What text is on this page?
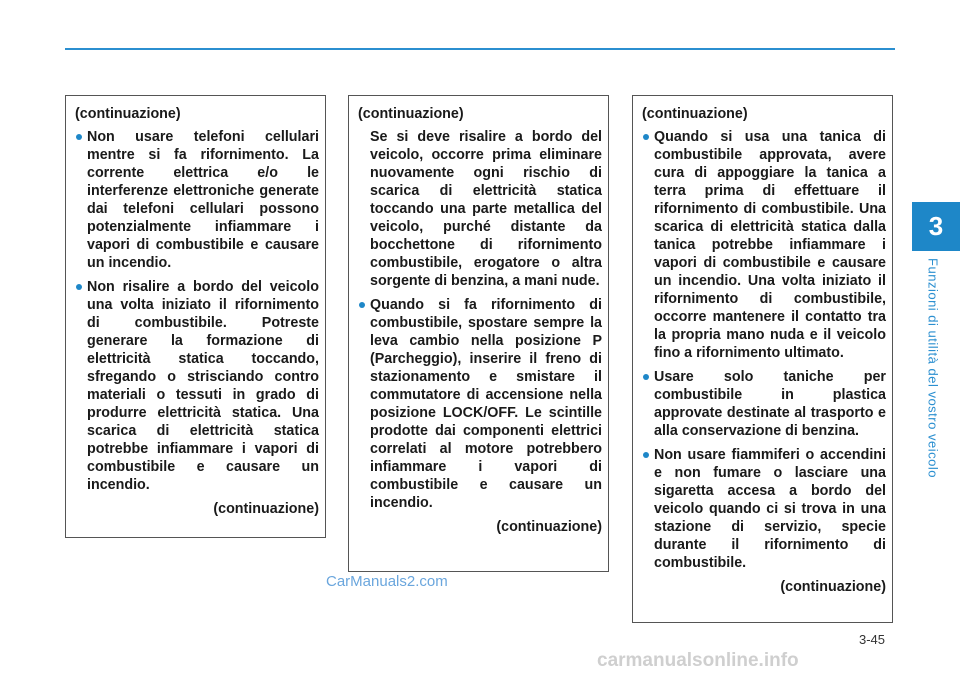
3
Funzioni di utilità del vostro veicolo

(continuazione)

Non usare telefoni cellulari mentre si fa rifornimento. La corrente elettrica e/o le interferenze elettroniche generate dai telefoni cellulari possono potenzialmente infiammare i vapori di combustibile e causare un incendio.

Non risalire a bordo del veicolo una volta iniziato il rifornimento di combustibile. Potreste generare la formazione di elettricità statica toccando, sfregando o strisciando contro materiali o tessuti in grado di produrre elettricità statica. Una scarica di elettricità statica potrebbe infiammare i vapori di combustibile e causare un incendio.

(continuazione)

(continuazione)

Se si deve risalire a bordo del veicolo, occorre prima eliminare nuovamente ogni rischio di scarica di elettricità statica toccando una parte metallica del veicolo, purché distante da bocchettone di rifornimento combustibile, erogatore o altra sorgente di benzina, a mani nude.

Quando si fa rifornimento di combustibile, spostare sempre la leva cambio nella posizione P (Parcheggio), inserire il freno di stazionamento e smistare il commutatore di accensione nella posizione LOCK/OFF. Le scintille prodotte dai componenti elettrici correlati al motore potrebbero infiammare i vapori di combustibile e causare un incendio.

(continuazione)

(continuazione)

Quando si usa una tanica di combustibile approvata, avere cura di appoggiare la tanica a terra prima di effettuare il rifornimento di combustibile. Una scarica di elettricità statica dalla tanica potrebbe infiammare i vapori di combustibile e causare un incendio. Una volta iniziato il rifornimento di combustibile, occorre mantenere il contatto tra la propria mano nuda e il veicolo fino a rifornimento ultimato.

Usare solo taniche per combustibile in plastica approvate destinate al trasporto e alla conservazione di benzina.

Non usare fiammiferi o accendini e non fumare o lasciare una sigaretta accesa a bordo del veicolo quando ci si trova in una stazione di servizio, specie durante il rifornimento di combustibile.

(continuazione)

CarManuals2.com
3-45
carmanualsonline.info
